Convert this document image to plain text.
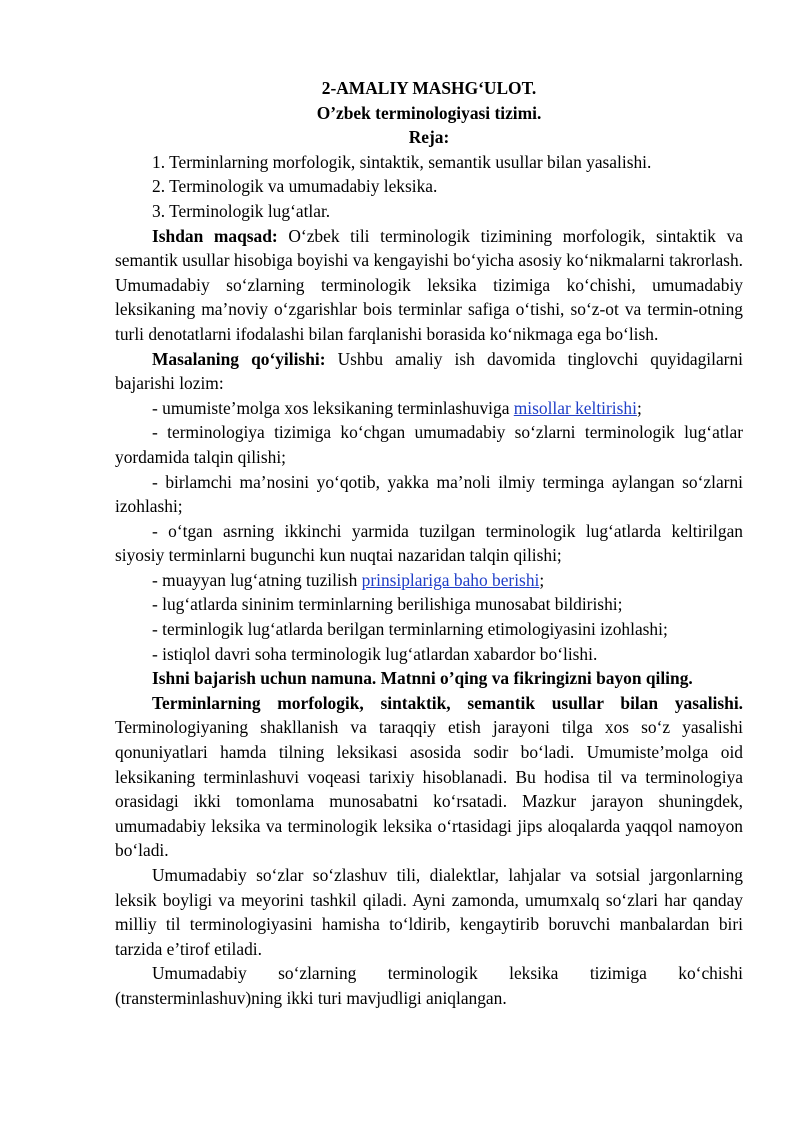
2-AMALIY MASHG‘ULOT.

O’zbek terminologiyasi tizimi.

Reja:

1. Terminlarning morfologik, sintaktik, semantik usullar bilan yasalishi.

2. Terminologik va umumadabiy leksika.

3. Terminologik lug‘atlar.

Ishdan maqsad: O‘zbek tili terminologik tizimining morfologik, sintaktik va semantik usullar hisobiga boyishi va kengayishi bo‘yicha asosiy ko‘nikmalarni takrorlash. Umumadabiy so‘zlarning terminologik leksika tizimiga ko‘chishi, umumadabiy leksikaning ma’noviy o‘zgarishlar bois terminlar safiga o‘tishi, so‘z-ot va termin-otning turli denotatlarni ifodalashi bilan farqlanishi borasida ko‘nikmaga ega bo‘lish.

Masalaning qo‘yilishi: Ushbu amaliy ish davomida tinglovchi quyidagilarni bajarishi lozim:

- umumiste’molga xos leksikaning terminlashuviga misollar keltirishi;

- terminologiya tizimiga ko‘chgan umumadabiy so‘zlarni terminologik lug‘atlar yordamida talqin qilishi;

- birlamchi ma’nosini yo‘qotib, yakka ma’noli ilmiy terminga aylangan so‘zlarni izohlashi;

- o‘tgan asrning ikkinchi yarmida tuzilgan terminologik lug‘atlarda keltirilgan siyosiy terminlarni bugunchi kun nuqtai nazaridan talqin qilishi;

- muayyan lug‘atning tuzilish prinsiplariga baho berishi;

- lug‘atlarda sininim terminlarning berilishiga munosabat bildirishi;

- terminlogik lug‘atlarda berilgan terminlarning etimologiyasini izohlashi;

- istiqlol davri soha terminologik lug‘atlardan xabardor bo‘lishi.

Ishni bajarish uchun namuna. Matnni o’qing va fikringizni bayon qiling.

Terminlarning morfologik, sintaktik, semantik usullar bilan yasalishi. Terminologiyaning shakllanish va taraqqiy etish jarayoni tilga xos so‘z yasalishi qonuniyatlari hamda tilning leksikasi asosida sodir bo‘ladi. Umumiste’molga oid leksikaning terminlashuvi voqeasi tarixiy hisoblanadi. Bu hodisa til va terminologiya orasidagi ikki tomonlama munosabatni ko‘rsatadi. Mazkur jarayon shuningdek, umumadabiy leksika va terminologik leksika o‘rtasidagi jips aloqalarda yaqqol namoyon bo‘ladi.

Umumadabiy so‘zlar so‘zlashuv tili, dialektlar, lahjalar va sotsial jargonlarning leksik boyligi va meyorini tashkil qiladi. Ayni zamonda, umumxalq so‘zlari har qanday milliy til terminologiyasini hamisha to‘ldirib, kengaytirib boruvchi manbalardan biri tarzida e’tirof etiladi.

Umumadabiy so‘zlarning terminologik leksika tizimiga ko‘chishi

(transterminlashuv)ning ikki turi mavjudligi aniqlangan.
